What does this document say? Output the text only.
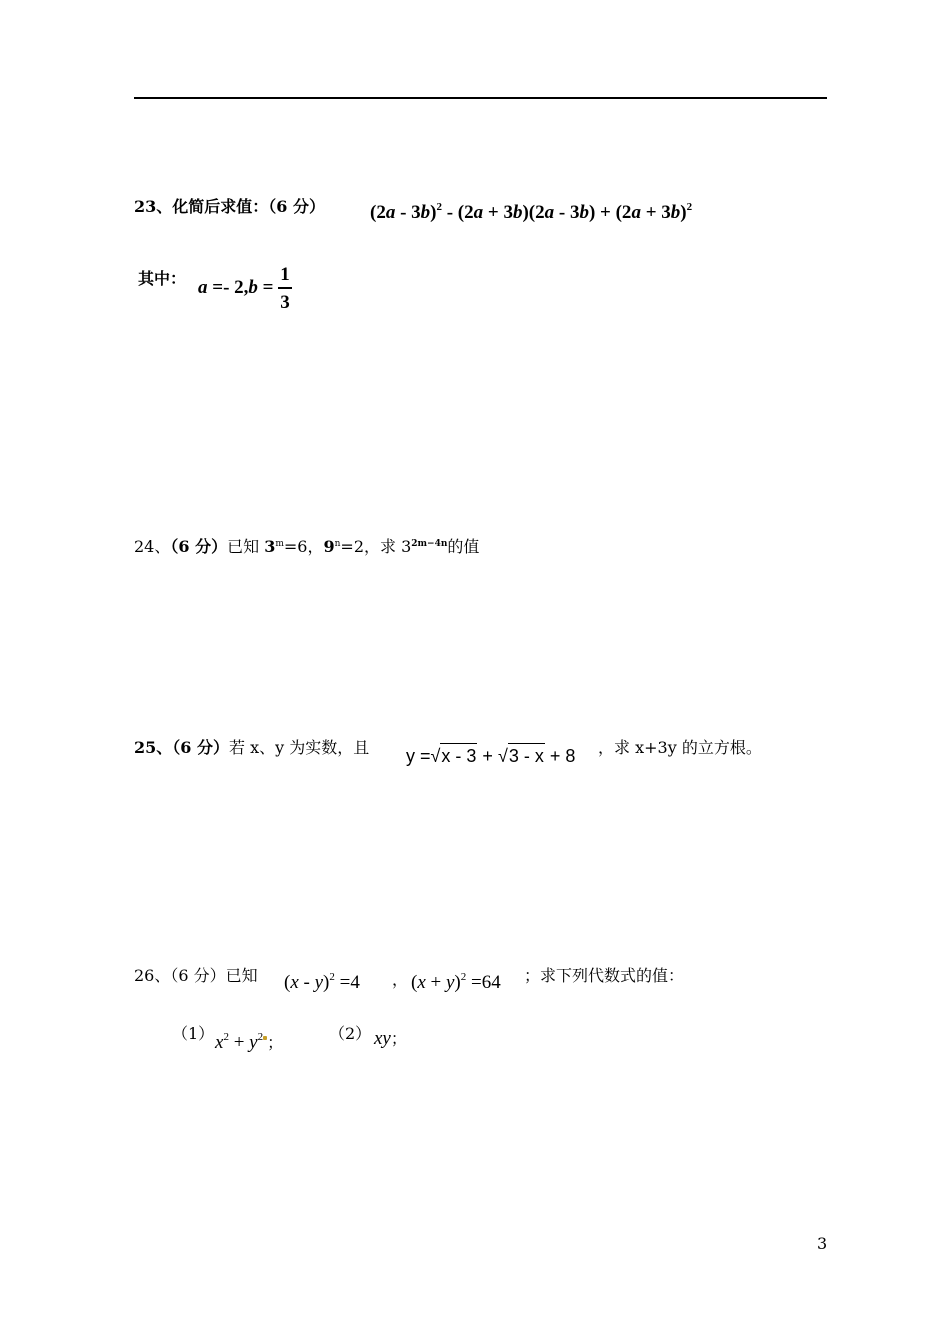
23、化简后求值：（6 分） $(2a - 3b)^2 - (2a + 3b)(2a - 3b) + (2a + 3b)^2$
其中： $a =- 2,b = \frac{1}{3}$
24、（6 分）已知 $3^m=6$，$9^n=2$，求 $3^{2m-4n}$的值
25、（6 分）若 x、y 为实数，且 y =√x - 3 + √3 - x + 8 ，求 x+3y 的立方根。
26、（6 分）已知 (x - y)$^2$ =4 ， $(x + y)^2 =64$ ；求下列代数式的值：
（1） $x^2 + y^2$ ；
（2） xy；
3
